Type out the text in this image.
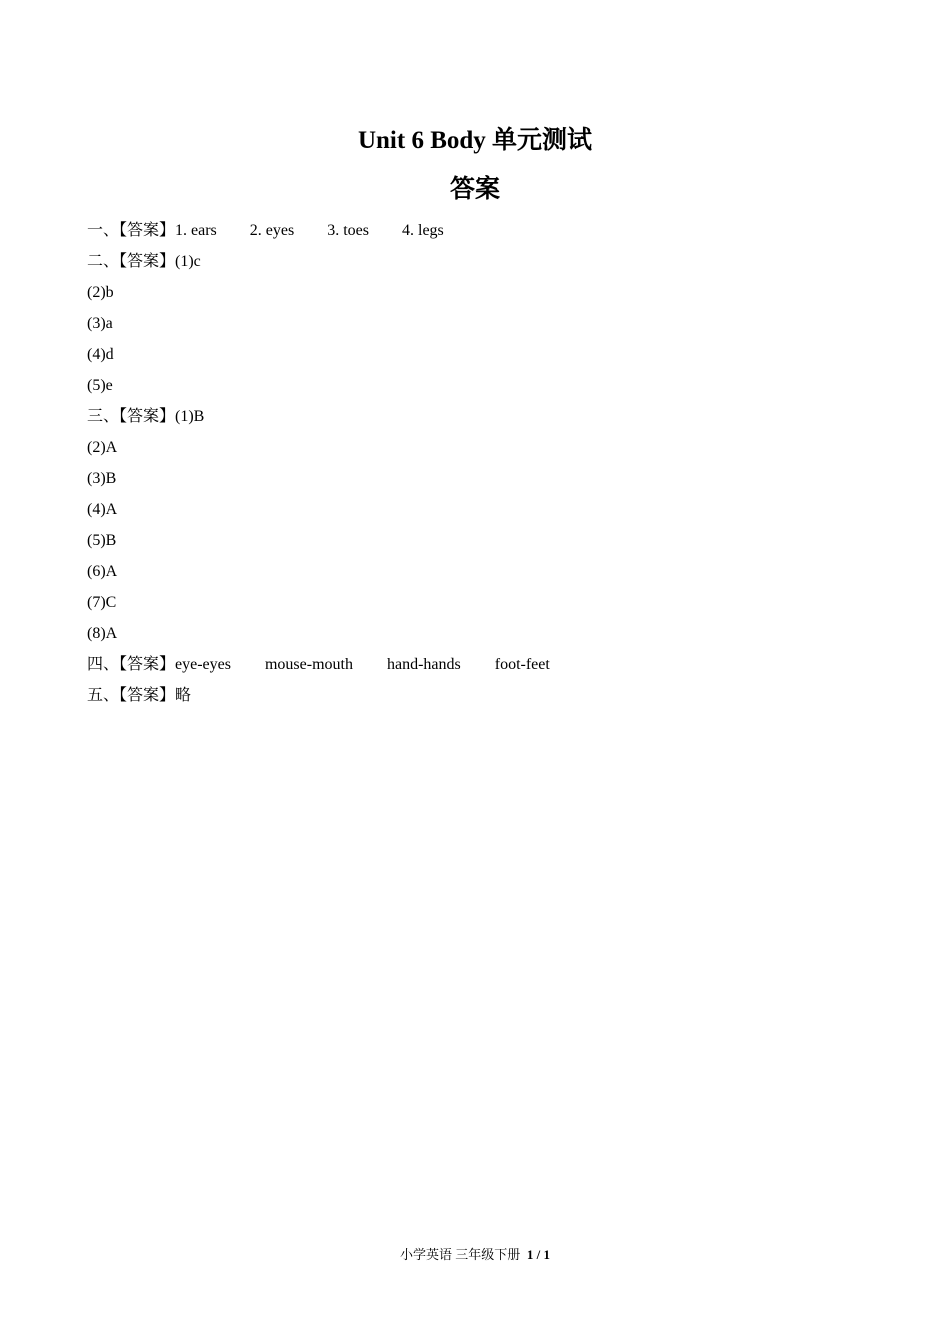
Unit 6 Body 单元测试
答案
一、【答案】1. ears 2. eyes 3. toes 4. legs
二、【答案】(1)c
(2)b
(3)a
(4)d
(5)e
三、【答案】(1)B
(2)A
(3)B
(4)A
(5)B
(6)A
(7)C
(8)A
四、【答案】eye-eyes mouse-mouth hand-hands foot-feet
五、【答案】略
小学英语 三年级下册 1 / 1
